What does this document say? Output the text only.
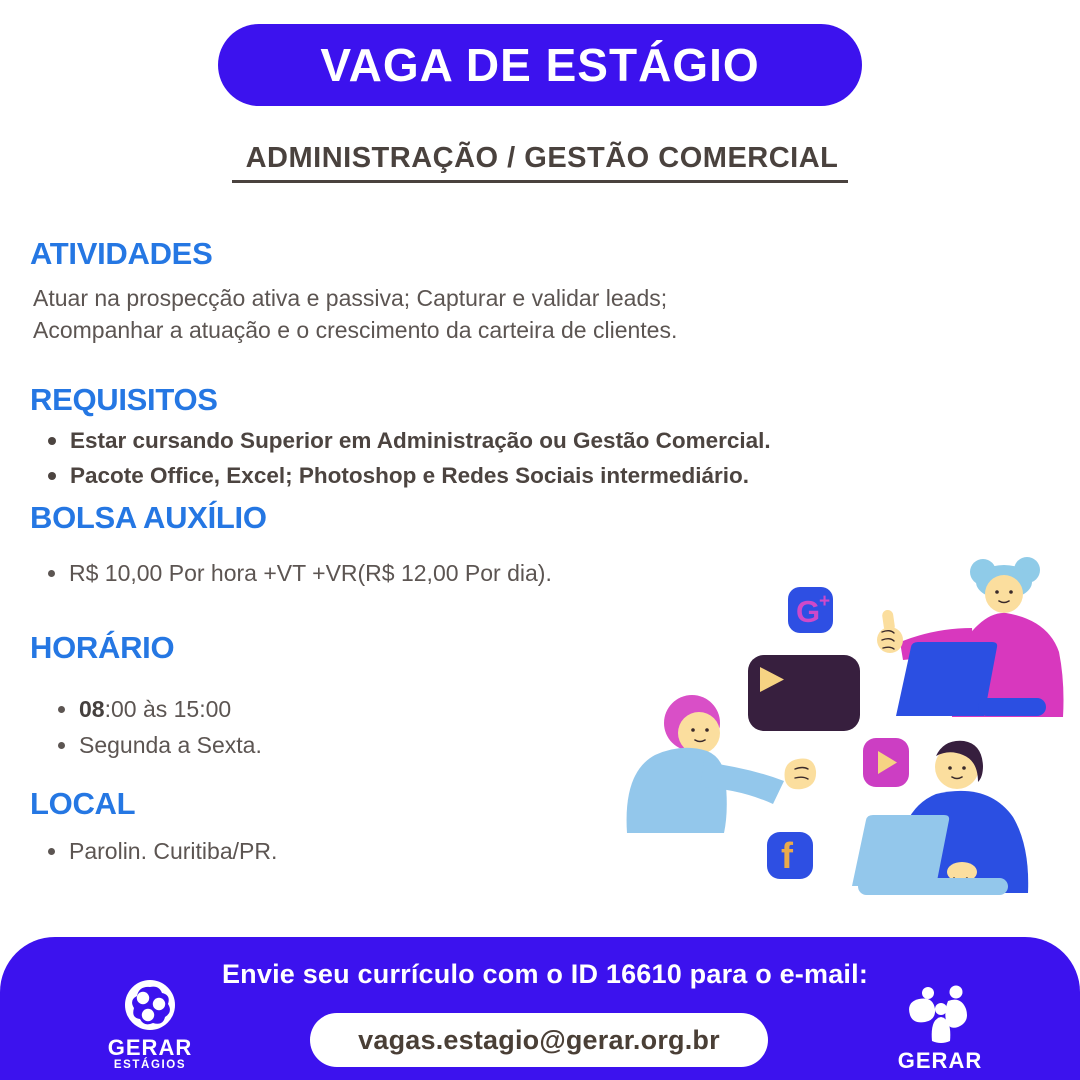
VAGA DE ESTÁGIO
ADMINISTRAÇÃO / GESTÃO COMERCIAL
ATIVIDADES
Atuar na prospecção ativa e passiva; Capturar e validar leads;
Acompanhar a atuação e o crescimento da carteira de clientes.
REQUISITOS
Estar cursando Superior em Administração ou Gestão Comercial.
Pacote Office, Excel; Photoshop e Redes Sociais intermediário.
BOLSA AUXÍLIO
R$ 10,00 Por hora +VT +VR(R$ 12,00 Por dia).
HORÁRIO
08:00 às 15:00
Segunda a Sexta.
LOCAL
Parolin. Curitiba/PR.
G
+
f
Envie seu currículo com o ID 16610 para o e-mail:
vagas.estagio@gerar.org.br
GERAR
ESTÁGIOS	GERAR
